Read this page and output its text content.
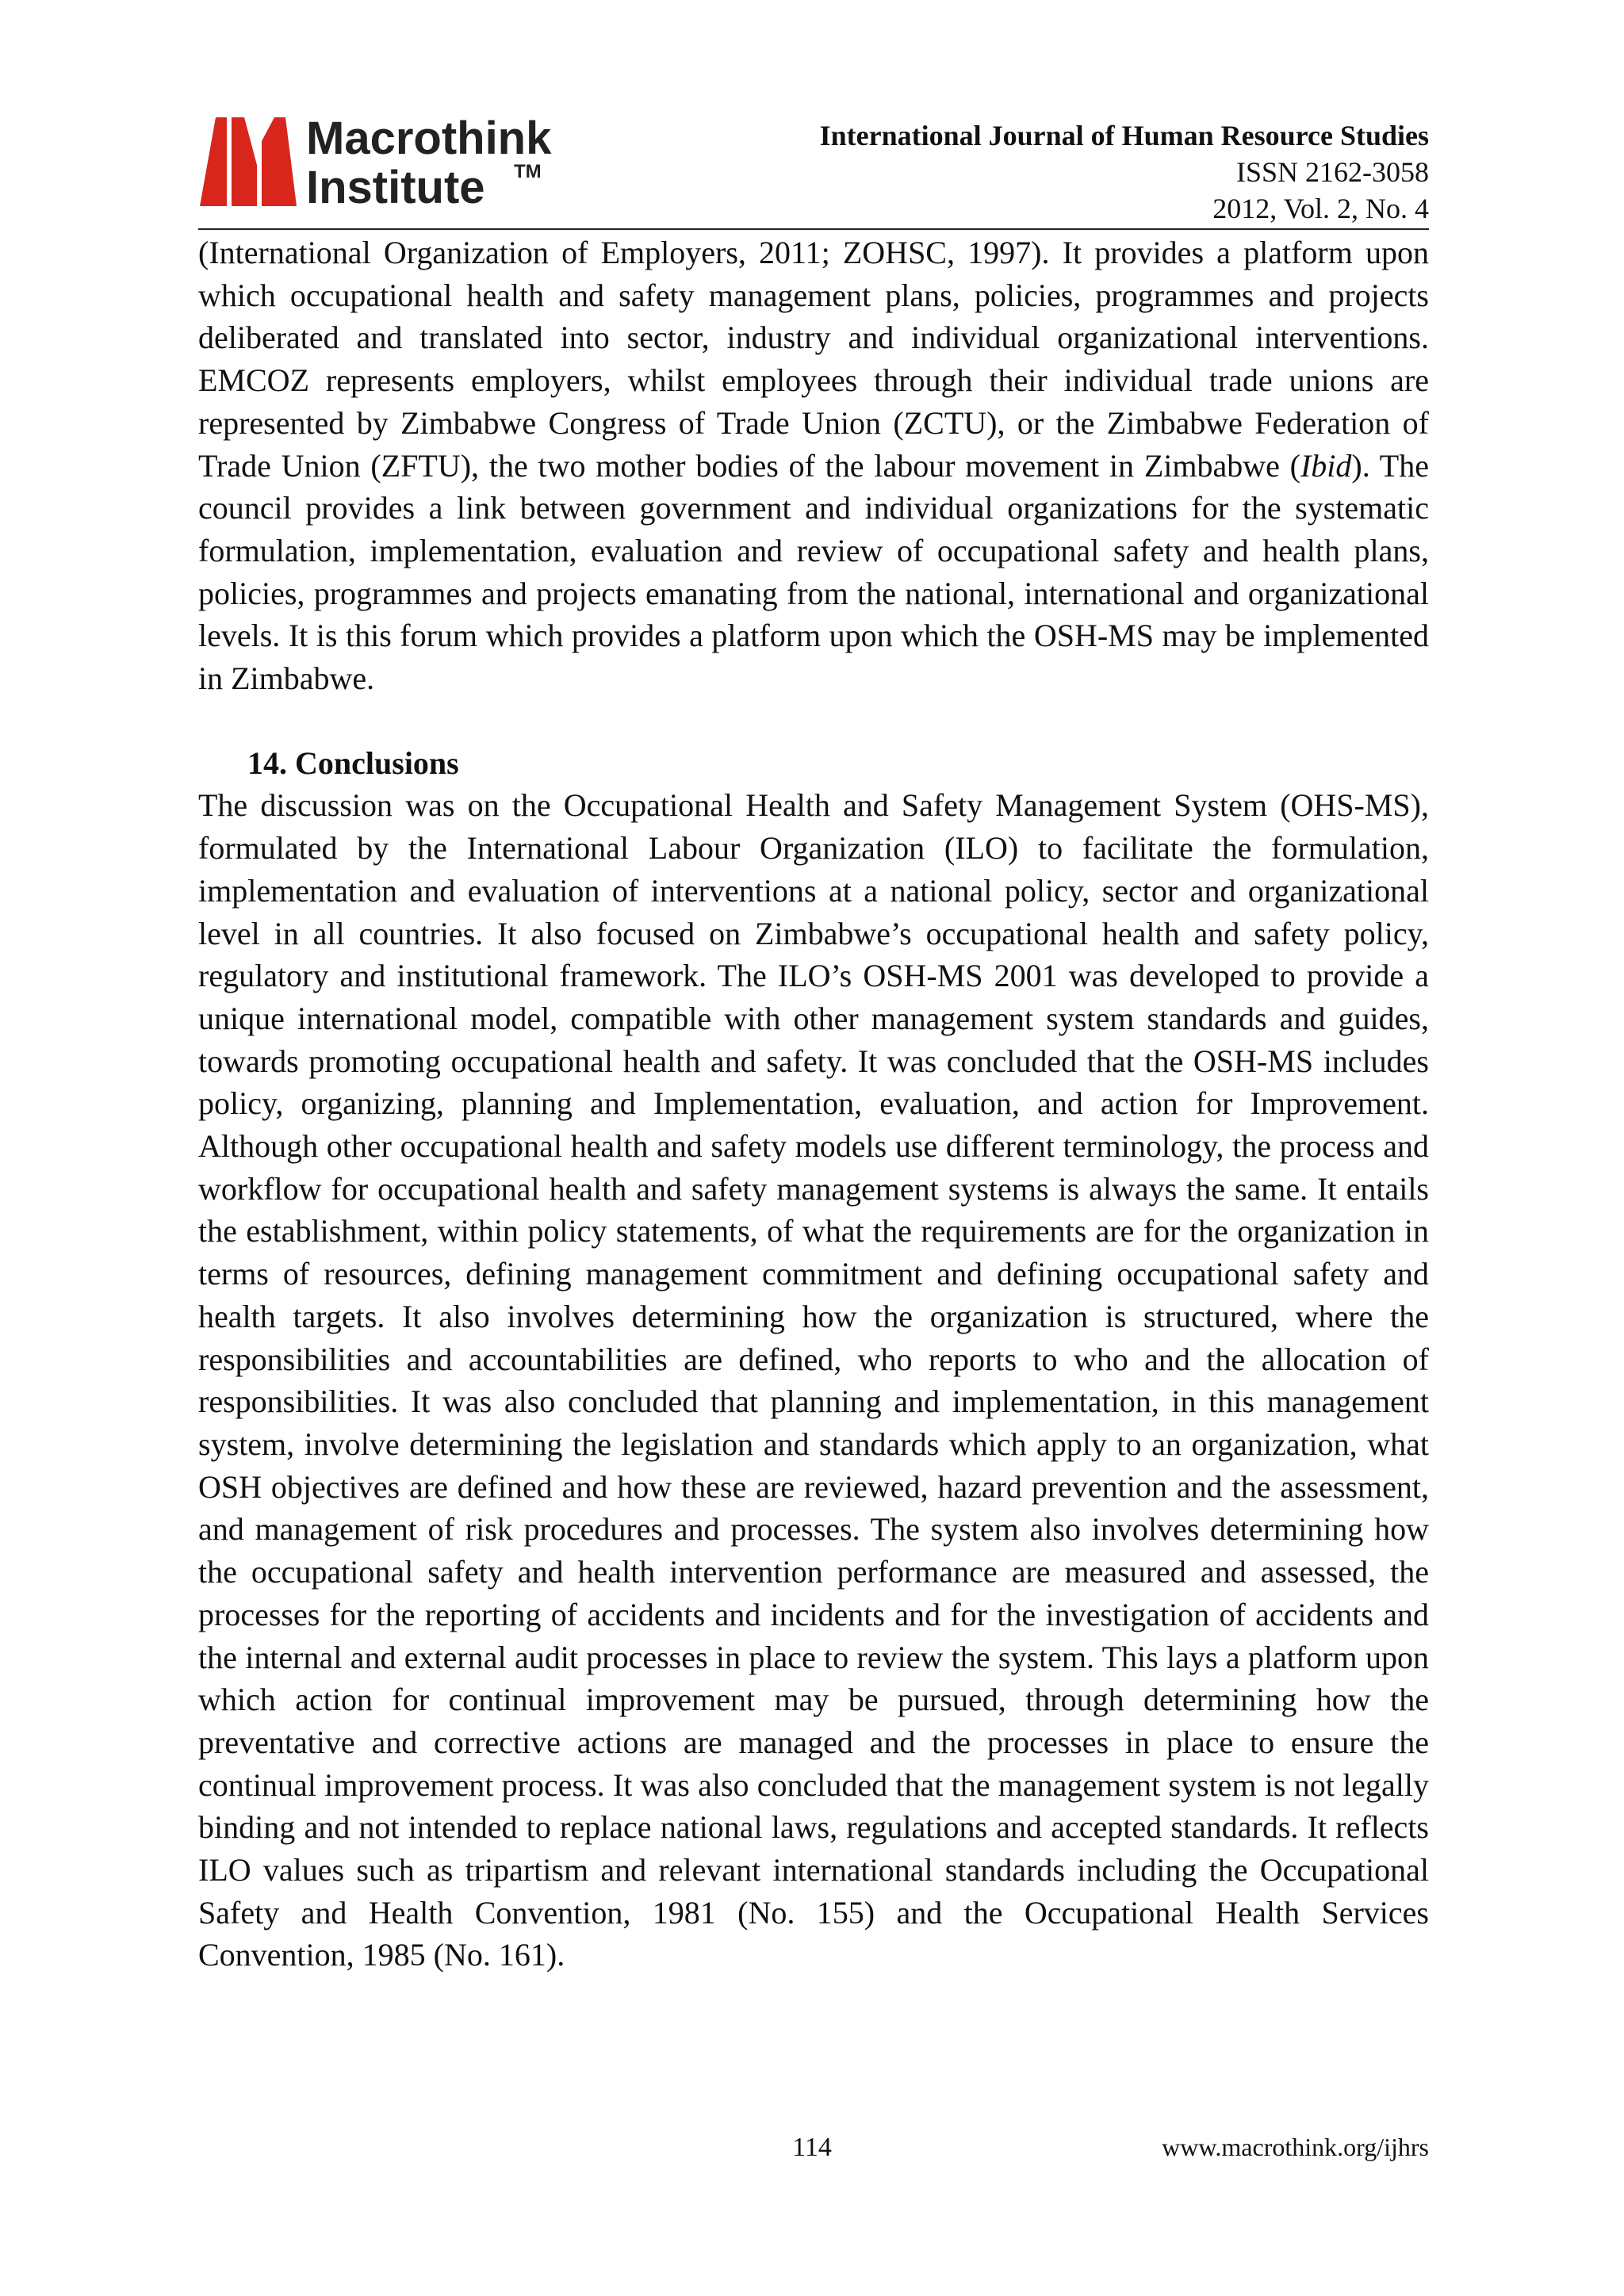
Macrothink
Institute TM
International Journal of Human Resource Studies
ISSN 2162-3058
2012, Vol. 2, No. 4

(International Organization of Employers, 2011; ZOHSC, 1997). It provides a platform upon which occupational health and safety management plans, policies, programmes and projects deliberated and translated into sector, industry and individual organizational interventions. EMCOZ represents employers, whilst employees through their individual trade unions are represented by Zimbabwe Congress of Trade Union (ZCTU), or the Zimbabwe Federation of Trade Union (ZFTU), the two mother bodies of the labour movement in Zimbabwe (Ibid). The council provides a link between government and individual organizations for the systematic formulation, implementation, evaluation and review of occupational safety and health plans, policies, programmes and projects emanating from the national, international and organizational levels. It is this forum which provides a platform upon which the OSH-MS may be implemented in Zimbabwe.

14. Conclusions

The discussion was on the Occupational Health and Safety Management System (OHS-MS), formulated by the International Labour Organization (ILO) to facilitate the formulation, implementation and evaluation of interventions at a national policy, sector and organizational level in all countries. It also focused on Zimbabwe’s occupational health and safety policy, regulatory and institutional framework. The ILO’s OSH-MS 2001 was developed to provide a unique international model, compatible with other management system standards and guides, towards promoting occupational health and safety. It was concluded that the OSH-MS includes policy, organizing, planning and Implementation, evaluation, and action for Improvement. Although other occupational health and safety models use different terminology, the process and workflow for occupational health and safety management systems is always the same. It entails the establishment, within policy statements, of what the requirements are for the organization in terms of resources, defining management commitment and defining occupational safety and health targets. It also involves determining how the organization is structured, where the responsibilities and accountabilities are defined, who reports to who and the allocation of responsibilities. It was also concluded that planning and implementation, in this management system, involve determining the legislation and standards which apply to an organization, what OSH objectives are defined and how these are reviewed, hazard prevention and the assessment, and management of risk procedures and processes. The system also involves determining how the occupational safety and health intervention performance are measured and assessed, the processes for the reporting of accidents and incidents and for the investigation of accidents and the internal and external audit processes in place to review the system. This lays a platform upon which action for continual improvement may be pursued, through determining how the preventative and corrective actions are managed and the processes in place to ensure the continual improvement process. It was also concluded that the management system is not legally binding and not intended to replace national laws, regulations and accepted standards. It reflects ILO values such as tripartism and relevant international standards including the Occupational Safety and Health Convention, 1981 (No. 155) and the Occupational Health Services Convention, 1985 (No. 161).

114	www.macrothink.org/ijhrs
